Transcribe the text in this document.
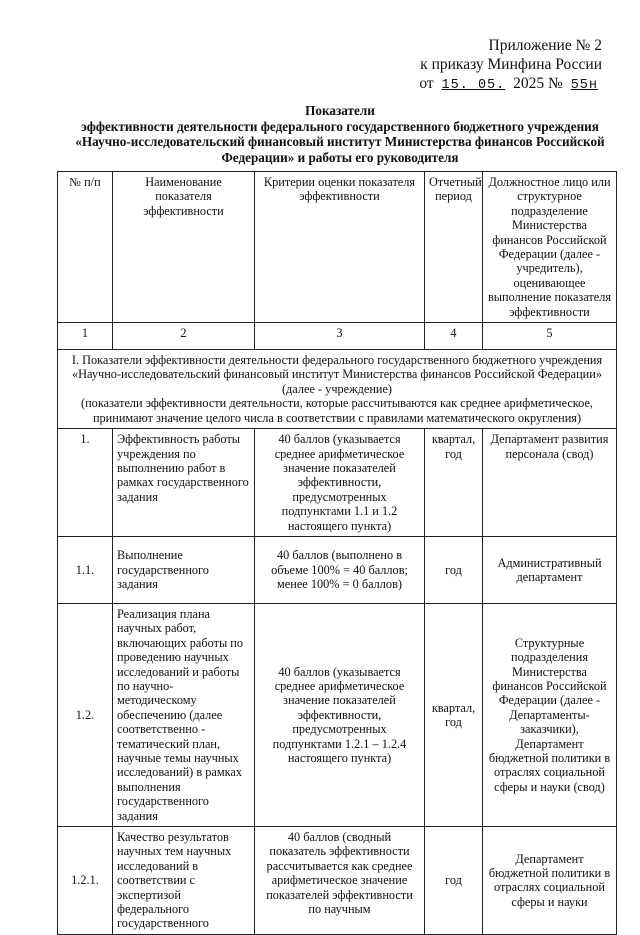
Приложение № 2
к приказу Минфина России
от 15. 05. 2025 № 55н
Показатели
эффективности деятельности федерального государственного бюджетного учреждения
«Научно-исследовательский финансовый институт Министерства финансов Российской
Федерации» и работы его руководителя
№ п/п	Наименование показателя эффективности	Критерии оценки показателя эффективности	Отчетный период	Должностное лицо или структурное подразделение Министерства финансов Российской Федерации (далее - учредитель), оценивающее выполнение показателя эффективности
1	2	3	4	5

I. Показатели эффективности деятельности федерального государственного бюджетного учреждения
«Научно-исследовательский финансовый институт Министерства финансов Российской Федерации»
(далее - учреждение)
(показатели эффективности деятельности, которые рассчитываются как среднее арифметическое,
принимают значение целого числа в соответствии с правилами математического округления)				

1.	Эффективность работы учреждения по выполнению работ в рамках государственного задания	40 баллов (указывается среднее арифметическое значение показателей эффективности, предусмотренных подпунктами 1.1 и 1.2 настоящего пункта)	квартал, год	Департамент развития персонала (свод)
1.1.	Выполнение государственного задания	40 баллов (выполнено в объеме 100% = 40 баллов; менее 100% = 0 баллов)	год	Административный департамент
1.2.	Реализация плана научных работ, включающих работы по проведению научных исследований и работы по научно-методическому обеспечению (далее соответственно - тематический план, научные темы научных исследований) в рамках выполнения государственного задания	40 баллов (указывается среднее арифметическое значение показателей эффективности, предусмотренных подпунктами 1.2.1 – 1.2.4 настоящего пункта)	квартал, год	Структурные подразделения Министерства финансов Российской Федерации (далее - Департаменты-заказчики), Департамент бюджетной политики в отраслях социальной сферы и науки (свод)
1.2.1.	Качество результатов научных тем научных исследований в соответствии с экспертизой федерального государственного	40 баллов (сводный показатель эффективности рассчитывается как среднее арифметическое значение показателей эффективности по научным	год	Департамент бюджетной политики в отраслях социальной сферы и науки
